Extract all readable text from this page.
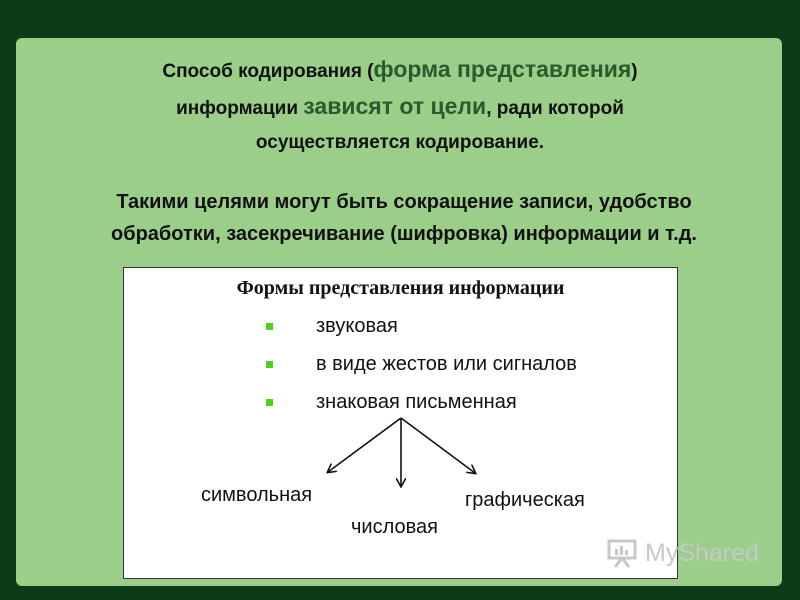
Способ кодирования (форма представления)
информации зависят от цели, ради которой
осуществляется кодирование.
Такими целями могут быть сокращение записи, удобство
обработки, засекречивание (шифровка) информации и т.д.
Формы представления информации
звуковая
в виде жестов или сигналов
знаковая письменная
символьная
числовая
графическая
MyShared
